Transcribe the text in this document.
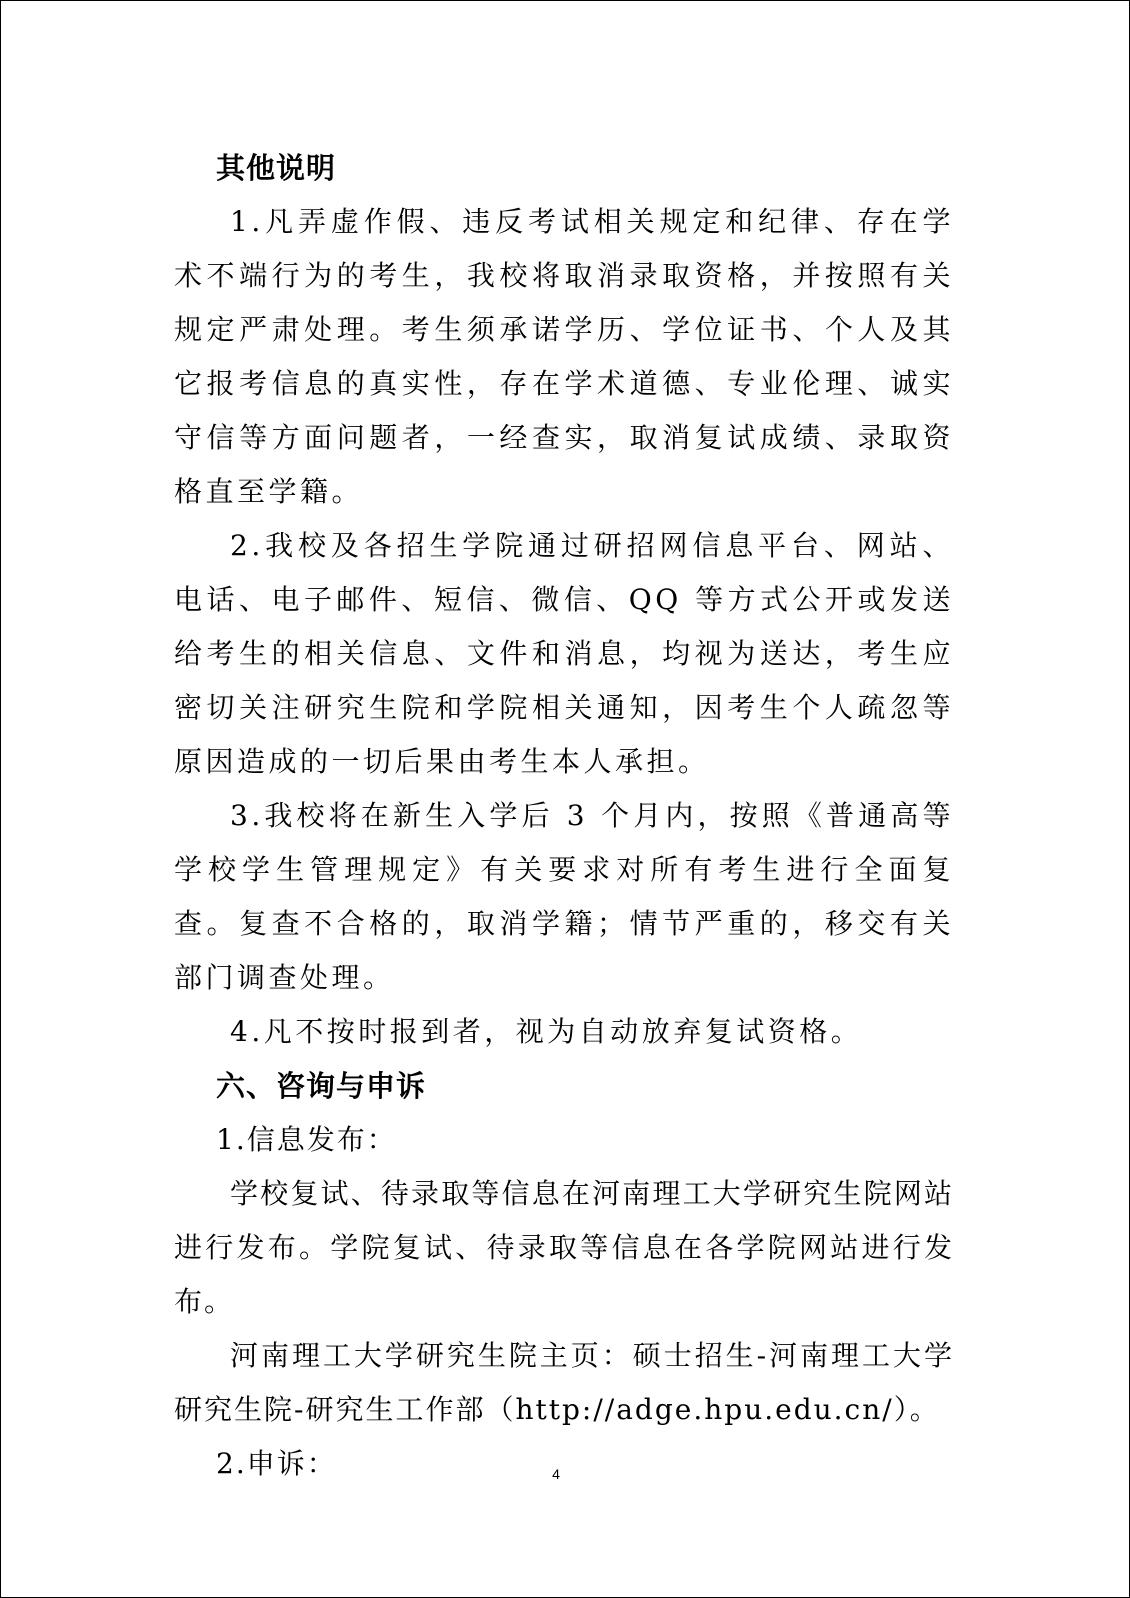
其他说明

1.凡弄虚作假、违反考试相关规定和纪律、存在学术不端行为的考生，我校将取消录取资格，并按照有关规定严肃处理。考生须承诺学历、学位证书、个人及其它报考信息的真实性，存在学术道德、专业伦理、诚实守信等方面问题者，一经查实，取消复试成绩、录取资格直至学籍。

2.我校及各招生学院通过研招网信息平台、网站、电话、电子邮件、短信、微信、QQ 等方式公开或发送给考生的相关信息、文件和消息，均视为送达，考生应密切关注研究生院和学院相关通知，因考生个人疏忽等原因造成的一切后果由考生本人承担。

3.我校将在新生入学后 3 个月内，按照《普通高等学校学生管理规定》有关要求对所有考生进行全面复查。复查不合格的，取消学籍；情节严重的，移交有关部门调查处理。

4.凡不按时报到者，视为自动放弃复试资格。

六、咨询与申诉

1.信息发布：

学校复试、待录取等信息在河南理工大学研究生院网站进行发布。学院复试、待录取等信息在各学院网站进行发布。

河南理工大学研究生院主页：硕士招生-河南理工大学研究生院-研究生工作部（http://adge.hpu.edu.cn/）。

2.申诉：	4
